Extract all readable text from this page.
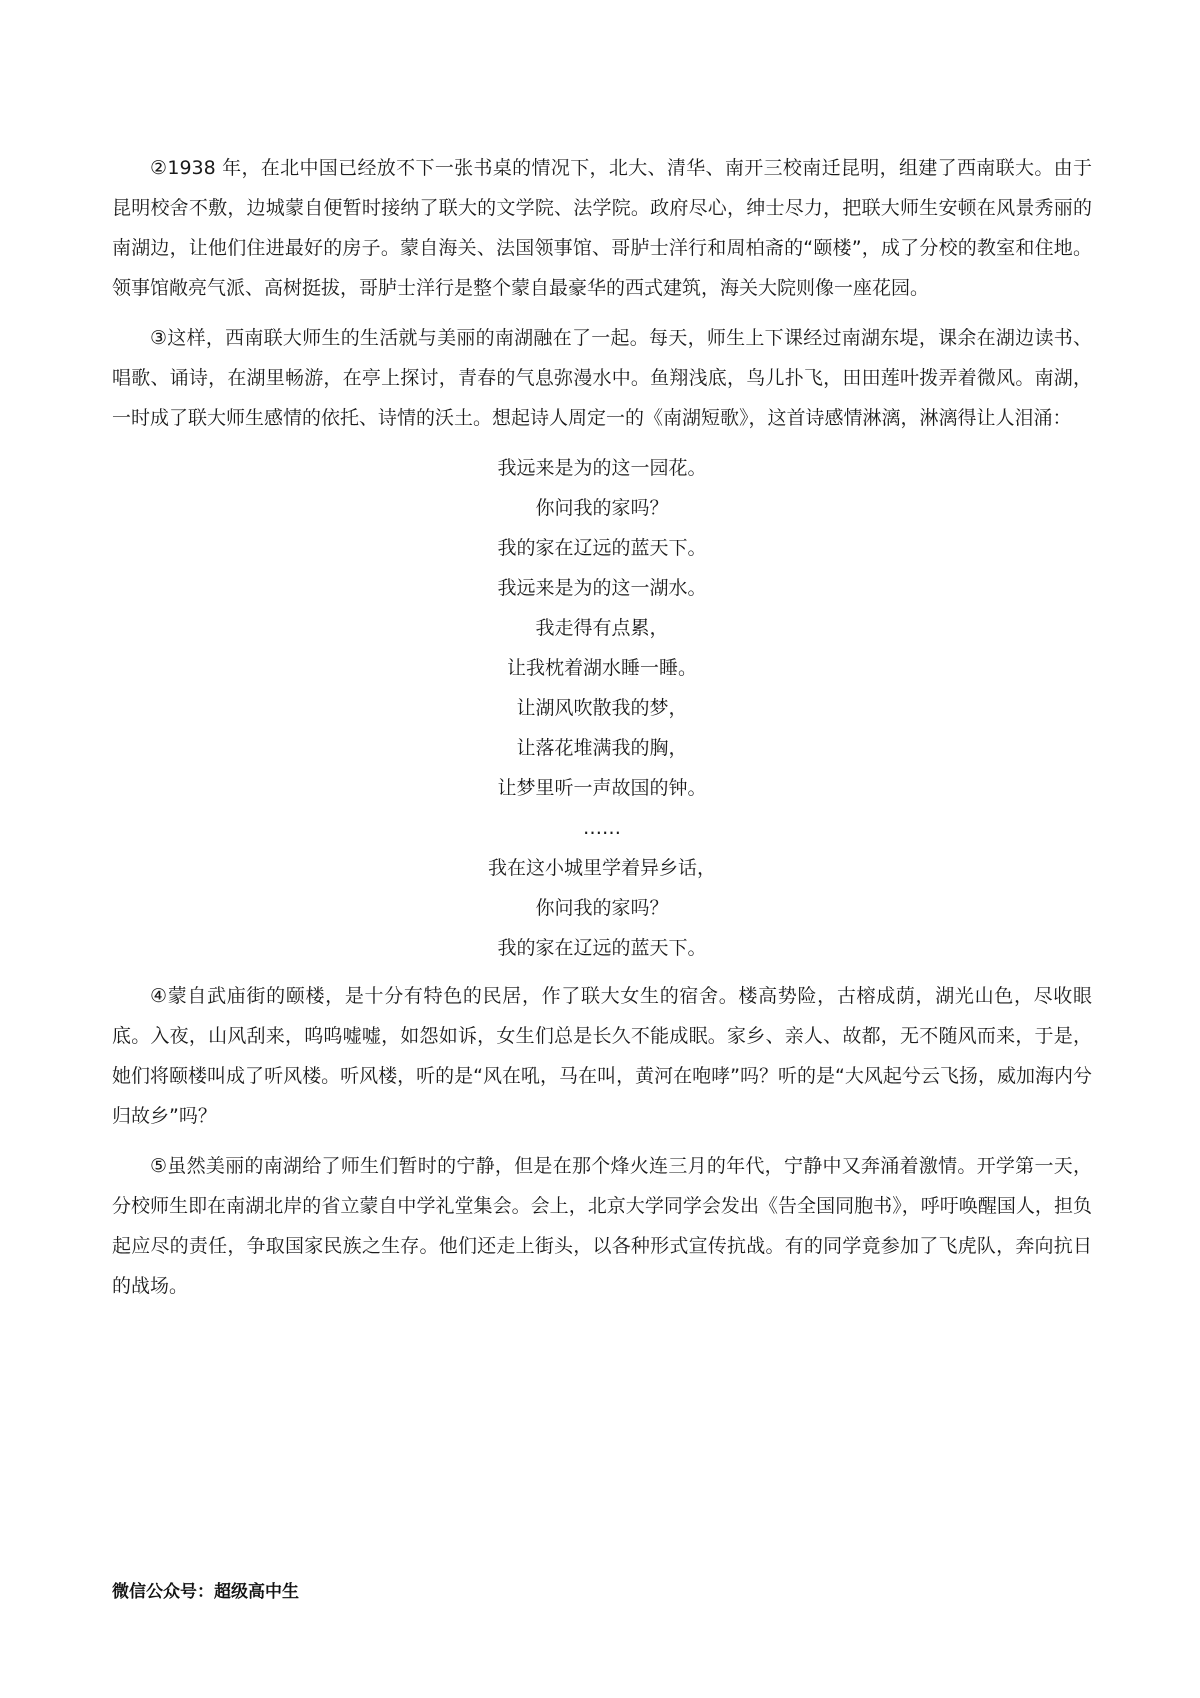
②1938 年，在北中国已经放不下一张书桌的情况下，北大、清华、南开三校南迁昆明，组建了西南联大。由于昆明校舍不敷，边城蒙自便暂时接纳了联大的文学院、法学院。政府尽心，绅士尽力，把联大师生安顿在风景秀丽的南湖边，让他们住进最好的房子。蒙自海关、法国领事馆、哥胪士洋行和周柏斋的“颐楼”，成了分校的教室和住地。领事馆敞亮气派、高树挺拔，哥胪士洋行是整个蒙自最豪华的西式建筑，海关大院则像一座花园。

③这样，西南联大师生的生活就与美丽的南湖融在了一起。每天，师生上下课经过南湖东堤，课余在湖边读书、唱歌、诵诗，在湖里畅游，在亭上探讨，青春的气息弥漫水中。鱼翔浅底，鸟儿扑飞，田田莲叶拨弄着微风。南湖，一时成了联大师生感情的依托、诗情的沃土。想起诗人周定一的《南湖短歌》，这首诗感情淋漓，淋漓得让人泪涌：

我远来是为的这一园花。

你问我的家吗？

我的家在辽远的蓝天下。

我远来是为的这一湖水。

我走得有点累，

让我枕着湖水睡一睡。

让湖风吹散我的梦，

让落花堆满我的胸，

让梦里听一声故国的钟。

……

我在这小城里学着异乡话，

你问我的家吗？

我的家在辽远的蓝天下。

④蒙自武庙街的颐楼，是十分有特色的民居，作了联大女生的宿舍。楼高势险，古榕成荫，湖光山色，尽收眼底。入夜，山风刮来，呜呜嘘嘘，如怨如诉，女生们总是长久不能成眠。家乡、亲人、故都，无不随风而来，于是，她们将颐楼叫成了听风楼。听风楼，听的是“风在吼，马在叫，黄河在咆哮”吗？听的是“大风起兮云飞扬，威加海内兮归故乡”吗？

⑤虽然美丽的南湖给了师生们暂时的宁静，但是在那个烽火连三月的年代，宁静中又奔涌着激情。开学第一天，分校师生即在南湖北岸的省立蒙自中学礼堂集会。会上，北京大学同学会发出《告全国同胞书》，呼吁唤醒国人，担负起应尽的责任，争取国家民族之生存。他们还走上街头，以各种形式宣传抗战。有的同学竟参加了飞虎队，奔向抗日的战场。

微信公众号：超级高中生
